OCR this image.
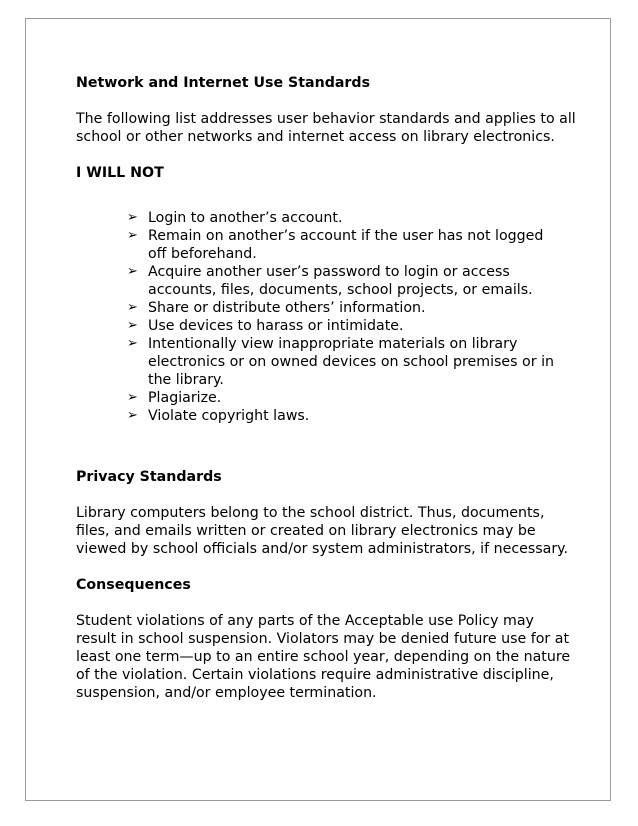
Network and Internet Use Standards

The following list addresses user behavior standards and applies to all school or other networks and internet access on library electronics.

I WILL NOT

➢ Login to another’s account.
➢ Remain on another’s account if the user has not logged off beforehand.
➢ Acquire another user’s password to login or access accounts, files, documents, school projects, or emails.
➢ Share or distribute others’ information.
➢ Use devices to harass or intimidate.
➢ Intentionally view inappropriate materials on library electronics or on owned devices on school premises or in the library.
➢ Plagiarize.
➢ Violate copyright laws.

Privacy Standards

Library computers belong to the school district. Thus, documents, files, and emails written or created on library electronics may be viewed by school officials and/or system administrators, if necessary.

Consequences

Student violations of any parts of the Acceptable use Policy may result in school suspension. Violators may be denied future use for at least one term—up to an entire school year, depending on the nature of the violation. Certain violations require administrative discipline, suspension, and/or employee termination.
